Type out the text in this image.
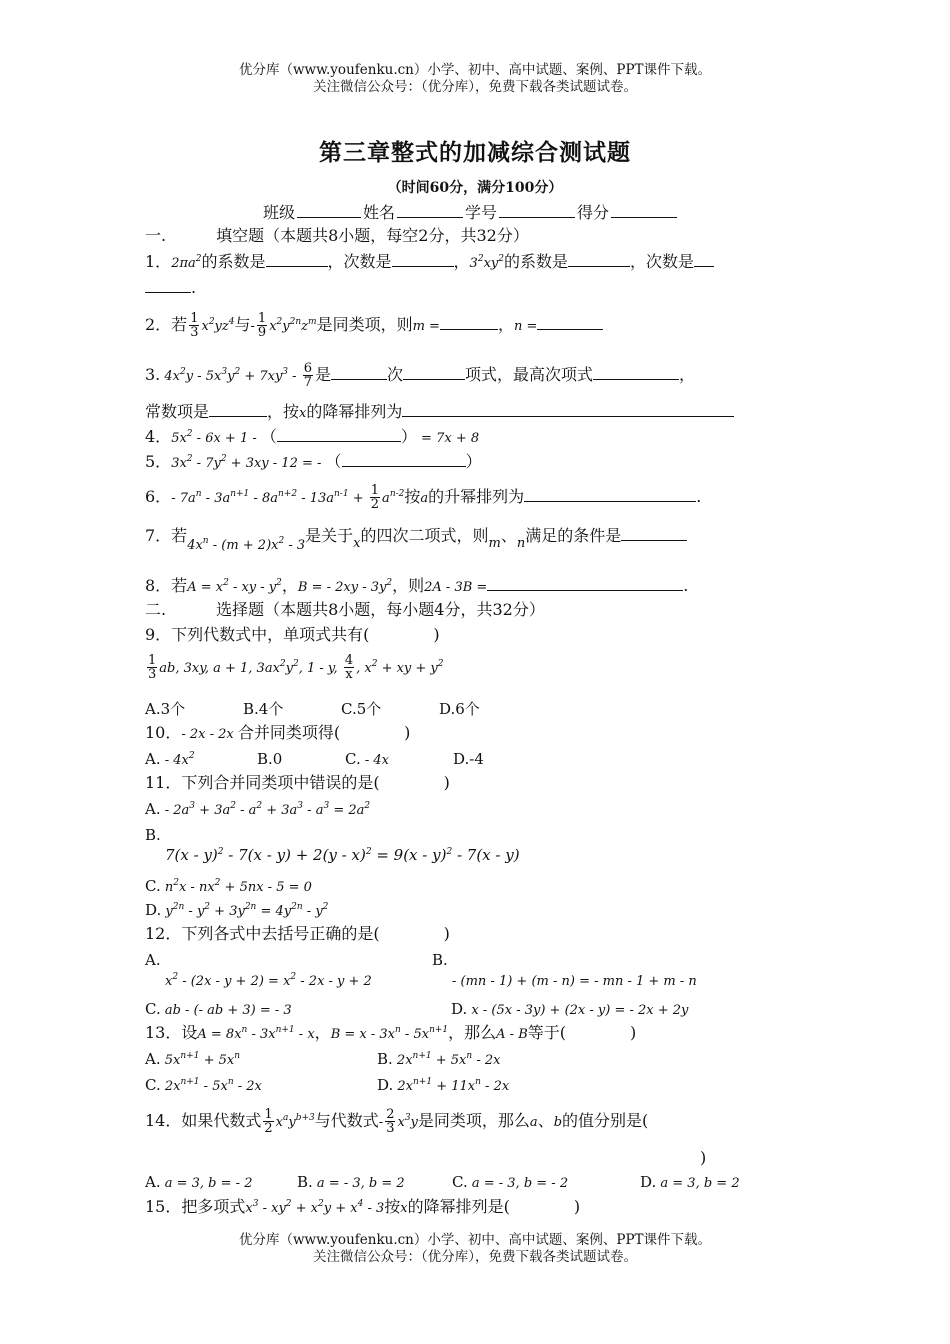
优分库（www.youfenku.cn）小学、初中、高中试题、案例、PPT课件下载。
关注微信公众号：（优分库），免费下载各类试题试卷。
第三章整式的加减综合测试题
（时间60分，满分100分）
班级	姓名	学号	得分
一.	填空题（本题共8小题，每空2分，共32分）
1．$2\pi a^2$的系数是	，次数是	，$3^2xy^2$的系数是	，次数是
.
2．若 $\frac{1}{3} x^2yz^4$与- $\frac{1}{9} x^2y^{2n}z^m$是同类项，则m =	，n =
3. $4x^2y - 5x^3y^2 + 7xy^3 - \frac{6}{7}$ 是	次	项式，最高次项式	，
常数项是	，按x的降幂排列为
4．$5x^2 - 6x + 1$ - （	） = 7x + 8
5．$3x^2 - 7y^2 + 3xy - 12$ = - （	）
6．- $7a^n - 3a^{n+1} - 8a^{n+2} - 13a^{n-1} + \frac{1}{2} a^{n-2}$按a的升幂排列为	.
7．若$_{4x^n - (m + 2)x^2 - 3}$是关于$_x$的四次二项式，则$_m$、$_n$满足的条件是
8．若$A = x^2$ - xy - $y^2$，B = - $2xy - 3y^2$，则2A - 3B =	.
二.	选择题（本题共8小题，每小题4分，共32分）
9．下列代数式中，单项式共有(　　　　)
$\frac{1}{3}$ ab, 3xy, a + 1, $3ax^2y^2$, 1 - y, $\frac{4}{x}$ , $x^2$ + xy + $y^2$
A.3个	B.4个	C.5个	D.6个
10．- 2x - 2x 合并同类项得(　　　　)
A. - $4x^2$	B.0	C. - 4x	D.-4
11．下列合并同类项中错误的是(　　　　)
A. - $2a^3 + 3a^2 - a^2 + 3a^3 - a^3 = 2a^2$
B.
7(x - y)$^2$ - 7(x - y) + 2(y - x)$^2$ = 9(x - y)$^2$ - 7(x - y)
C. $n^2x - nx^2 + 5nx - 5 = 0$
D. $y^{2n} - y^2 + 3y^{2n} = 4y^{2n} - y^2$
12．下列各式中去括号正确的是(　　　　)
A.
$x^2 - (2x - y + 2) = x^2 - 2x - y + 2B$.
- (mn - 1) + (m - n) = - mn - 1 + m - n
C. ab - (- ab + 3) = - 3	D. x - (5x - 3y) + (2x - y) = - 2x + 2y
13．设$A = 8x^n - 3x^{n+1} - x$，$B = x - 3x^n - 5x^{n+1}$，那么A - B等于(　　　　)
A. $5x^{n+1} + 5x^n$	B. $2x^{n+1} + 5x^n - 2x$
C. $2x^{n+1} - 5x^n - 2x$	D. $2x^{n+1} + 11x^n - 2x$
14．如果代数式 $\frac{1}{2} x^ay^{b+3}$与代数式- $\frac{2}{3} x^3y$是同类项，那么a、b的值分别是(
)
A. a = 3, b = - 2	B. a = - 3, b = 2	C. a = - 3, b = - 2	D. a = 3, b = 2
15．把多项式$x^3 - xy^2 + x^2y + x^4 - 3$按x的降幂排列是(　　　　)
优分库（www.youfenku.cn）小学、初中、高中试题、案例、PPT课件下载。
关注微信公众号：（优分库），免费下载各类试题试卷。
